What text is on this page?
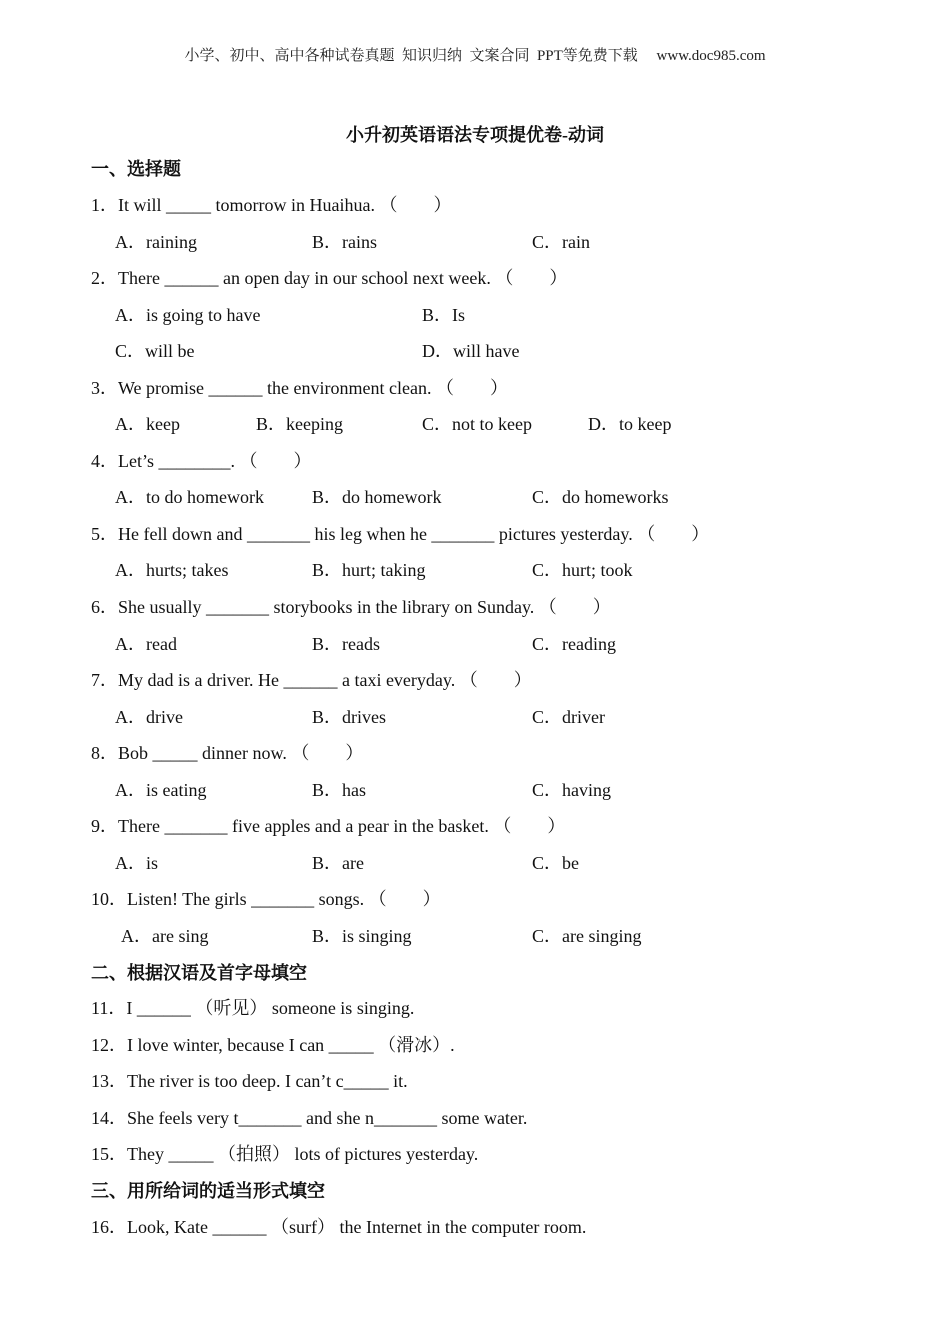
小学、初中、高中各种试卷真题  知识归纳  文案合同  PPT等免费下载     www.doc985.com
小升初英语语法专项提优卷-动词
一、选择题
1．It will _____ tomorrow in Huaihua. （　　）
A．raining	B．rains	C．rain
2．There ______ an open day in our school next week. （　　）
A．is going to have	B．Is
C．will be	D．will have
3．We promise ______ the environment clean. （　　）
A．keep	B．keeping	C．not to keep	D．to keep
4．Let’s ________. （　　）
A．to do homework	B．do homework	C．do homeworks
5．He fell down and _______ his leg when he _______ pictures yesterday. （　　）
A．hurts; takes	B．hurt; taking	C．hurt; took
6．She usually _______ storybooks in the library on Sunday. （　　）
A．read	B．reads	C．reading
7．My dad is a driver. He ______ a taxi everyday. （　　）
A．drive	B．drives	C．driver
8．Bob _____ dinner now. （　　）
A．is eating	B．has	C．having
9．There _______ five apples and a pear in the basket. （　　）
A．is	B．are	C．be
10．Listen! The girls _______ songs. （　　）
A．are sing	B．is singing	C．are singing
二、根据汉语及首字母填空
11．I ______ （听见） someone is singing.
12．I love winter, because I can _____ （滑冰）.
13．The river is too deep. I can’t c_____ it.
14．She feels very t_______ and she n_______ some water.
15．They _____ （拍照） lots of pictures yesterday.
三、用所给词的适当形式填空
16．Look, Kate ______ （surf） the Internet in the computer room.
